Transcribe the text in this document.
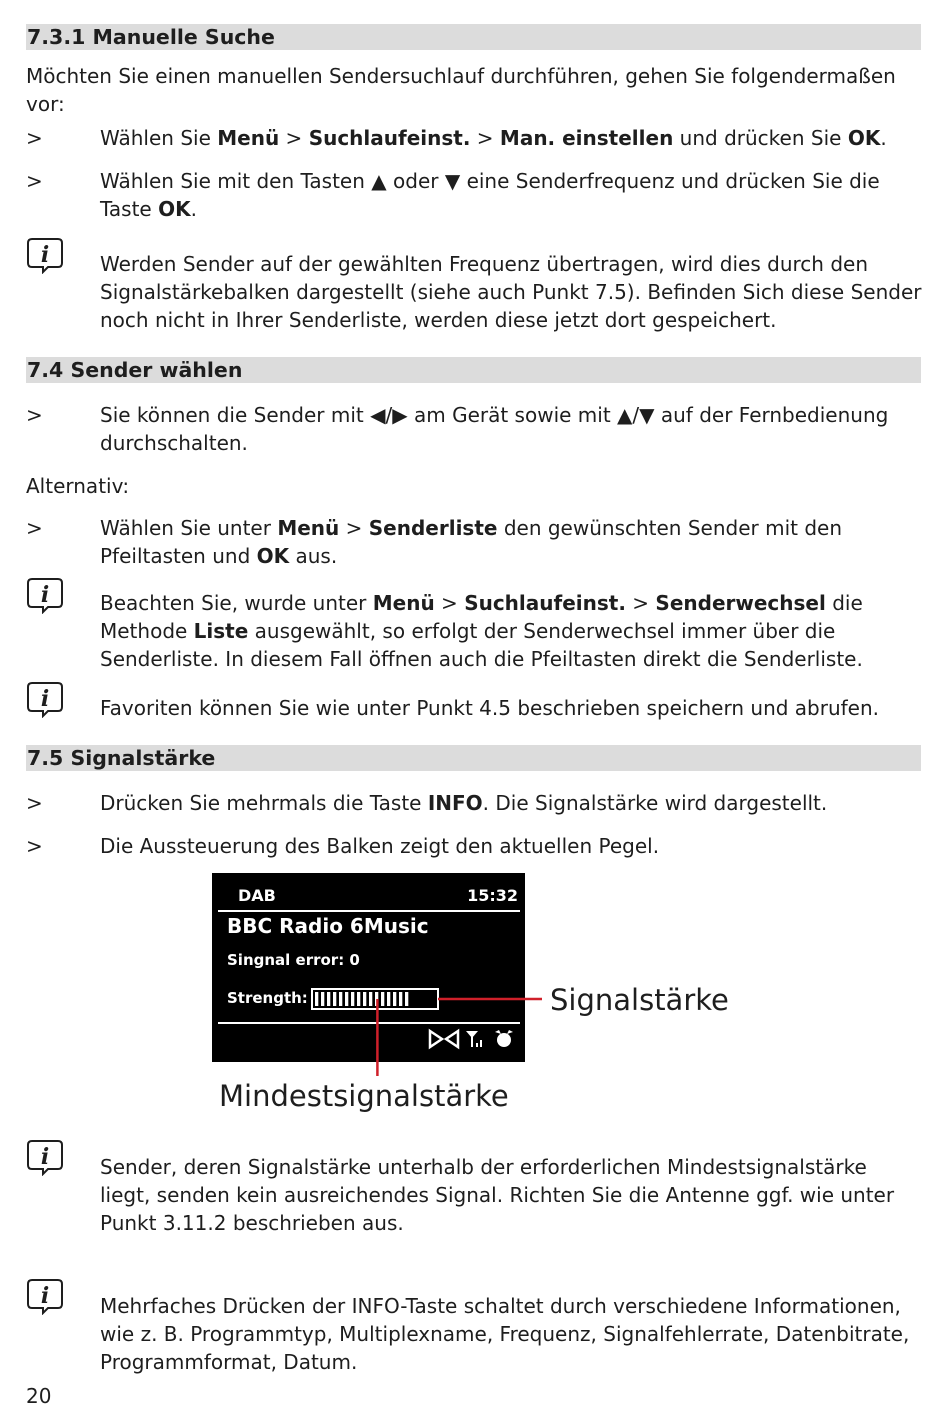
7.3.1 Manuelle Suche

Möchten Sie einen manuellen Sendersuchlauf durchführen, gehen Sie folgendermaßen vor:

>	Wählen Sie Menü > Suchlaufeinst. > Man. einstellen und drücken Sie OK.
>	Wählen Sie mit den Tasten ▲ oder ▼ eine Senderfrequenz und drücken Sie die Taste OK.
i	Werden Sender auf der gewählten Frequenz übertragen, wird dies durch den Signalstärkebalken dargestellt (siehe auch Punkt 7.5). Befinden Sich diese Sender noch nicht in Ihrer Senderliste, werden diese jetzt dort gespeichert.
7.4 Sender wählen
>	Sie können die Sender mit ◀/▶ am Gerät sowie mit ▲/▼ auf der Fernbedienung durchschalten.

Alternativ:

>	Wählen Sie unter Menü > Senderliste den gewünschten Sender mit den Pfeiltasten und OK aus.
i	Beachten Sie, wurde unter Menü > Suchlaufeinst. > Senderwechsel die Methode Liste ausgewählt, so erfolgt der Senderwechsel immer über die Senderliste. In diesem Fall öffnen auch die Pfeiltasten direkt die Senderliste.
i	Favoriten können Sie wie unter Punkt 4.5 beschrieben speichern und abrufen.
7.5 Signalstärke
>	Drücken Sie mehrmals die Taste INFO. Die Signalstärke wird dargestellt.
>	Die Aussteuerung des Balken zeigt den aktuellen Pegel.
DAB	15:32
BBC Radio 6Music
Singnal error: 0
Strength:	Signalstärke
Mindestsignalstärke
i	Sender, deren Signalstärke unterhalb der erforderlichen Mindestsignalstärke liegt, senden kein ausreichendes Signal. Richten Sie die Antenne ggf. wie unter Punkt 3.11.2 beschrieben aus.
i	Mehrfaches Drücken der INFO-Taste schaltet durch verschiedene Informationen, wie z. B. Programmtyp, Multiplexname, Frequenz, Signalfehlerrate, Datenbitrate, Programmformat, Datum.
20
